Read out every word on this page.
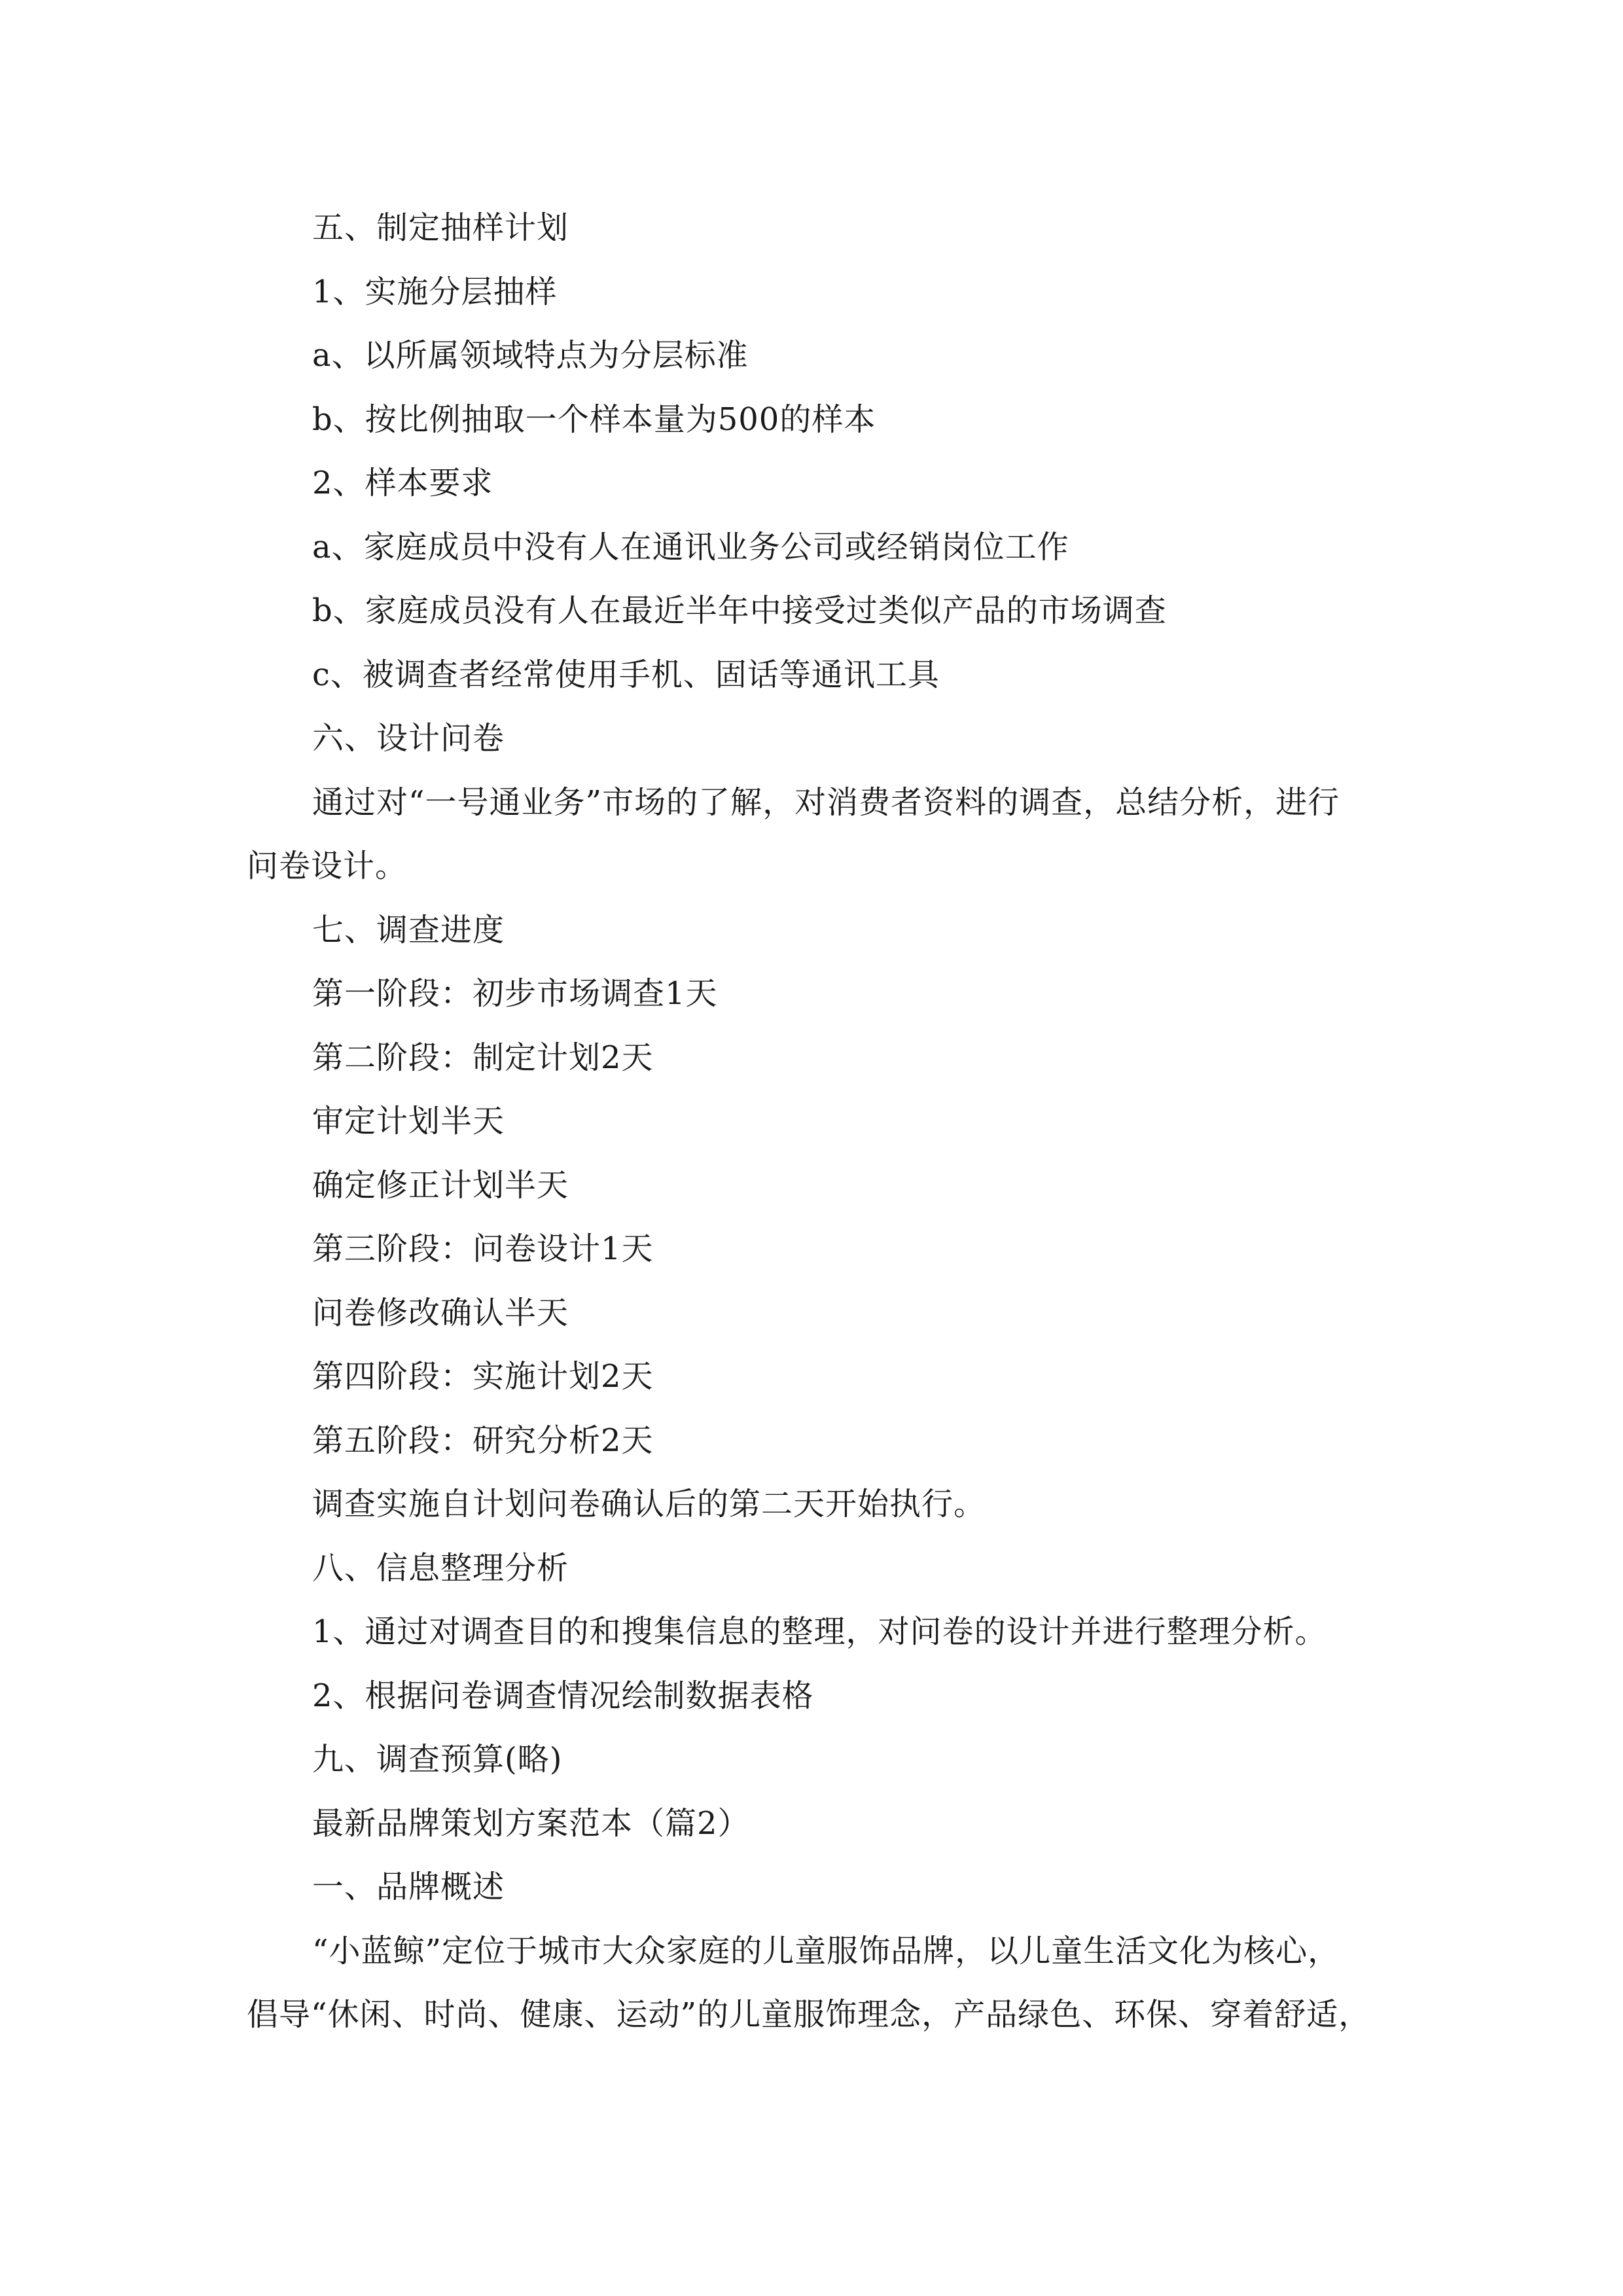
五、制定抽样计划
1、实施分层抽样
a、以所属领域特点为分层标准
b、按比例抽取一个样本量为500的样本
2、样本要求
a、家庭成员中没有人在通讯业务公司或经销岗位工作
b、家庭成员没有人在最近半年中接受过类似产品的市场调查
c、被调查者经常使用手机、固话等通讯工具
六、设计问卷
通过对“一号通业务”市场的了解，对消费者资料的调查，总结分析，进行
问卷设计。
七、调查进度
第一阶段：初步市场调查1天
第二阶段：制定计划2天
审定计划半天
确定修正计划半天
第三阶段：问卷设计1天
问卷修改确认半天
第四阶段：实施计划2天
第五阶段：研究分析2天
调查实施自计划问卷确认后的第二天开始执行。
八、信息整理分析
1、通过对调查目的和搜集信息的整理，对问卷的设计并进行整理分析。
2、根据问卷调查情况绘制数据表格
九、调查预算(略)
最新品牌策划方案范本（篇2）
一、品牌概述
“小蓝鲸”定位于城市大众家庭的儿童服饰品牌，以儿童生活文化为核心，
倡导“休闲、时尚、健康、运动”的儿童服饰理念，产品绿色、环保、穿着舒适，
